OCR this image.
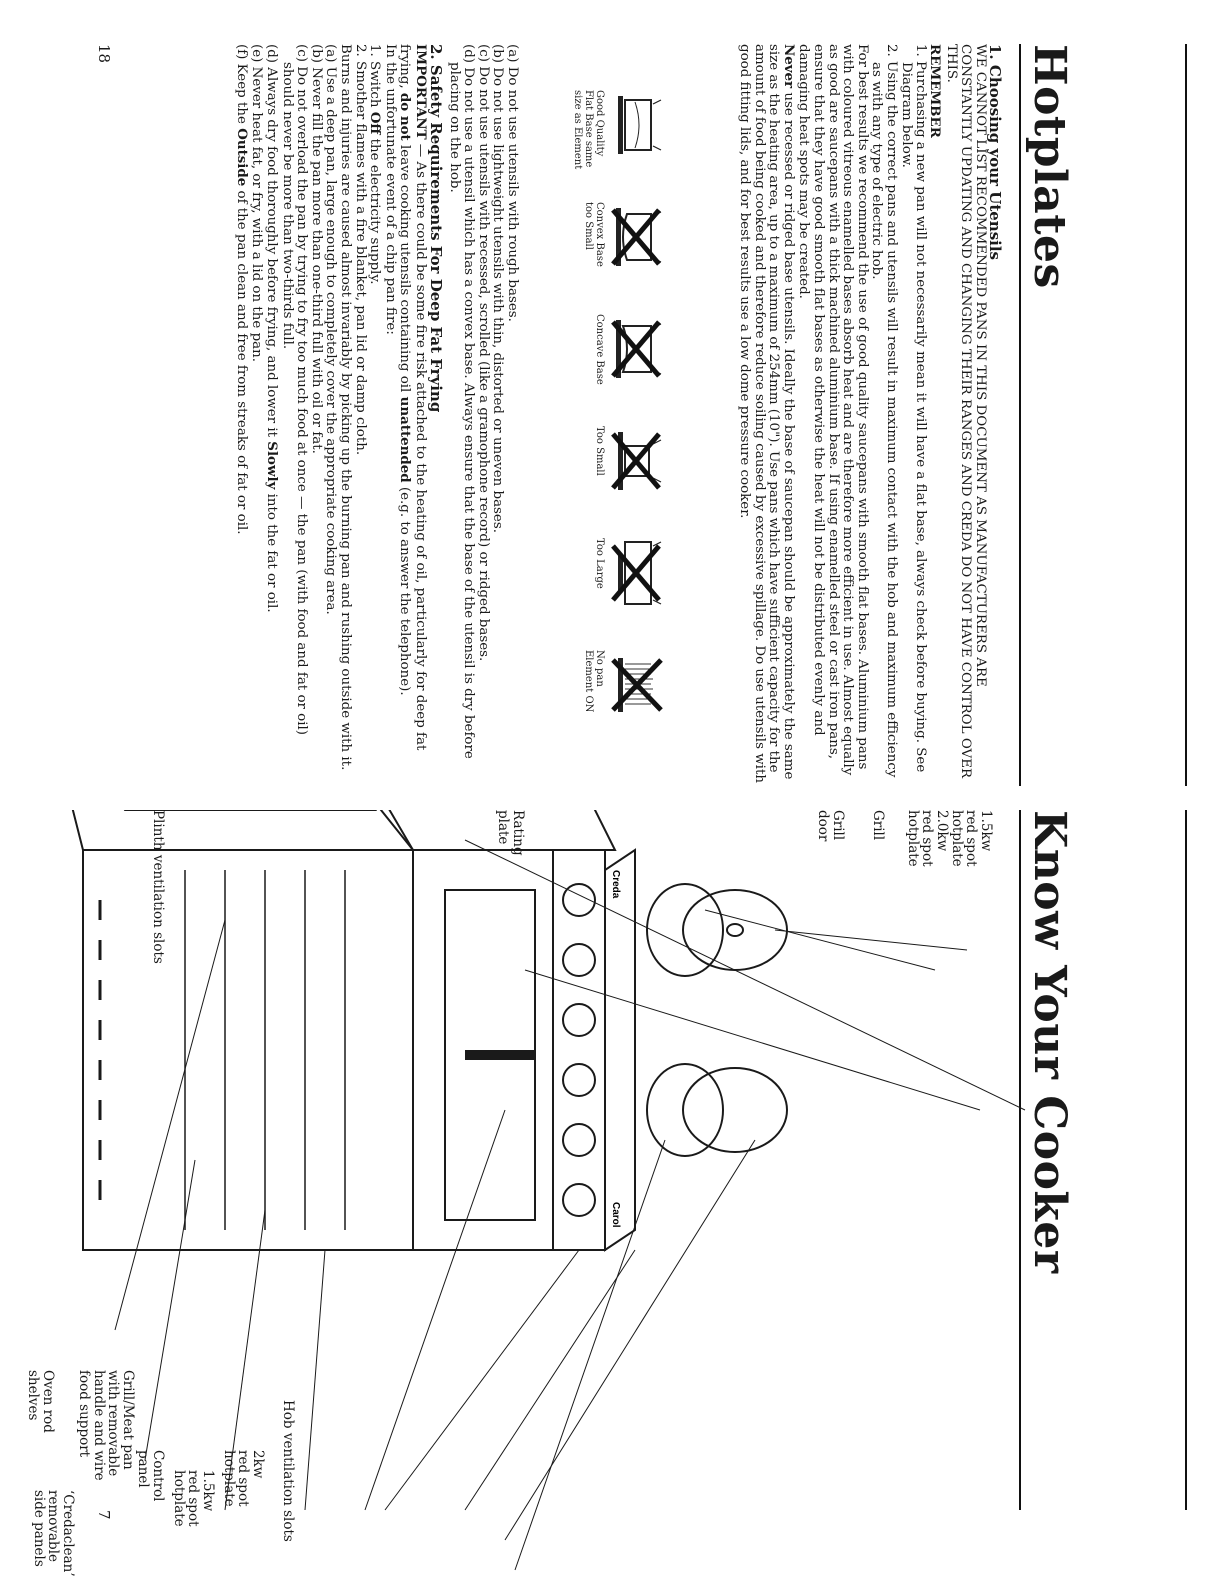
Hotplates

1. Choosing your Utensils

WE CANNOT LIST RECOMMENDED PANS IN THIS DOCUMENT AS MANUFACTURERS ARE CONSTANTLY UPDATING AND CHANGING THEIR RANGES AND CREDA DO NOT HAVE CONTROL OVER THIS.

REMEMBER

1. Purchasing a new pan will not necessarily mean it will have a flat base, always check before buying. See Diagram below.

2. Using the correct pans and utensils will result in maximum contact with the hob and maximum efficiency as with any type of electric hob.

For best results we recommend the use of good quality saucepans with smooth flat bases. Aluminium pans with coloured vitreous enamelled bases absorb heat and are therefore more efficient in use. Almost equally as good are saucepans with a thick machined aluminium base. If using enamelled steel or cast iron pans, ensure that they have good smooth flat bases as otherwise the heat will not be distributed evenly and damaging heat spots may be created.

Never use recessed or ridged base utensils. Ideally the base of saucepan should be approximately the same size as the heating area, up to a maximum of 254mm (10"). Use pans which have sufficient capacity for the amount of food being cooked and therefore reduce soiling caused by excessive spillage. Do use utensils with good fitting lids, and for best results use a low dome pressure cooker.

Good Quality Flat Base same size as Element
Convex Base too Small
Concave Base
Too Small
Too Large
No pan Element ON

(a) Do not use utensils with rough bases.

(b) Do not use lightweight utensils with thin, distorted or uneven bases.

(c) Do not use utensils with recessed, scrolled (like a gramophone record) or ridged bases.

(d) Do not use a utensil which has a convex base. Always ensure that the base of the utensil is dry before placing on the hob.

2. Safety Requirements For Deep Fat Frying

IMPORTANT — As there could be some fire risk attached to the heating of oil, particularly for deep fat frying, do not leave cooking utensils containing oil unattended (e.g. to answer the telephone).

In the unfortunate event of a chip pan fire:

1. Switch Off the electricity supply.

2. Smother flames with a fire blanket, pan lid or damp cloth.

Burns and injuries are caused almost invariably by picking up the burning pan and rushing outside with it.

(a) Use a deep pan, large enough to completely cover the appropriate cooking area.

(b) Never fill the pan more than one-third full with oil or fat.

(c) Do not overload the pan by trying to fry too much food at once — the pan (with food and fat or oil) should never be more than two-thirds full.

(d) Always dry food thoroughly before frying, and lower it Slowly into the fat or oil.

(e) Never heat fat, or fry, with a lid on the pan.

(f) Keep the Outside of the pan clean and free from streaks of fat or oil.

18
Know Your Cooker
Creda
Carol
1.5kw
red spot
hotplate
2.0kw
red spot
hotplate
Grill
Grill
door
Rating
plate
Plinth ventilation slots
Hob ventilation slots
2kw
red spot
hotplate
1.5kw
red spot
hotplate
Control
panel
Grill/Meat pan
with removable
handle and wire
food support
‘Credaclean’
removable
side panels
Oven rod
shelves
7
